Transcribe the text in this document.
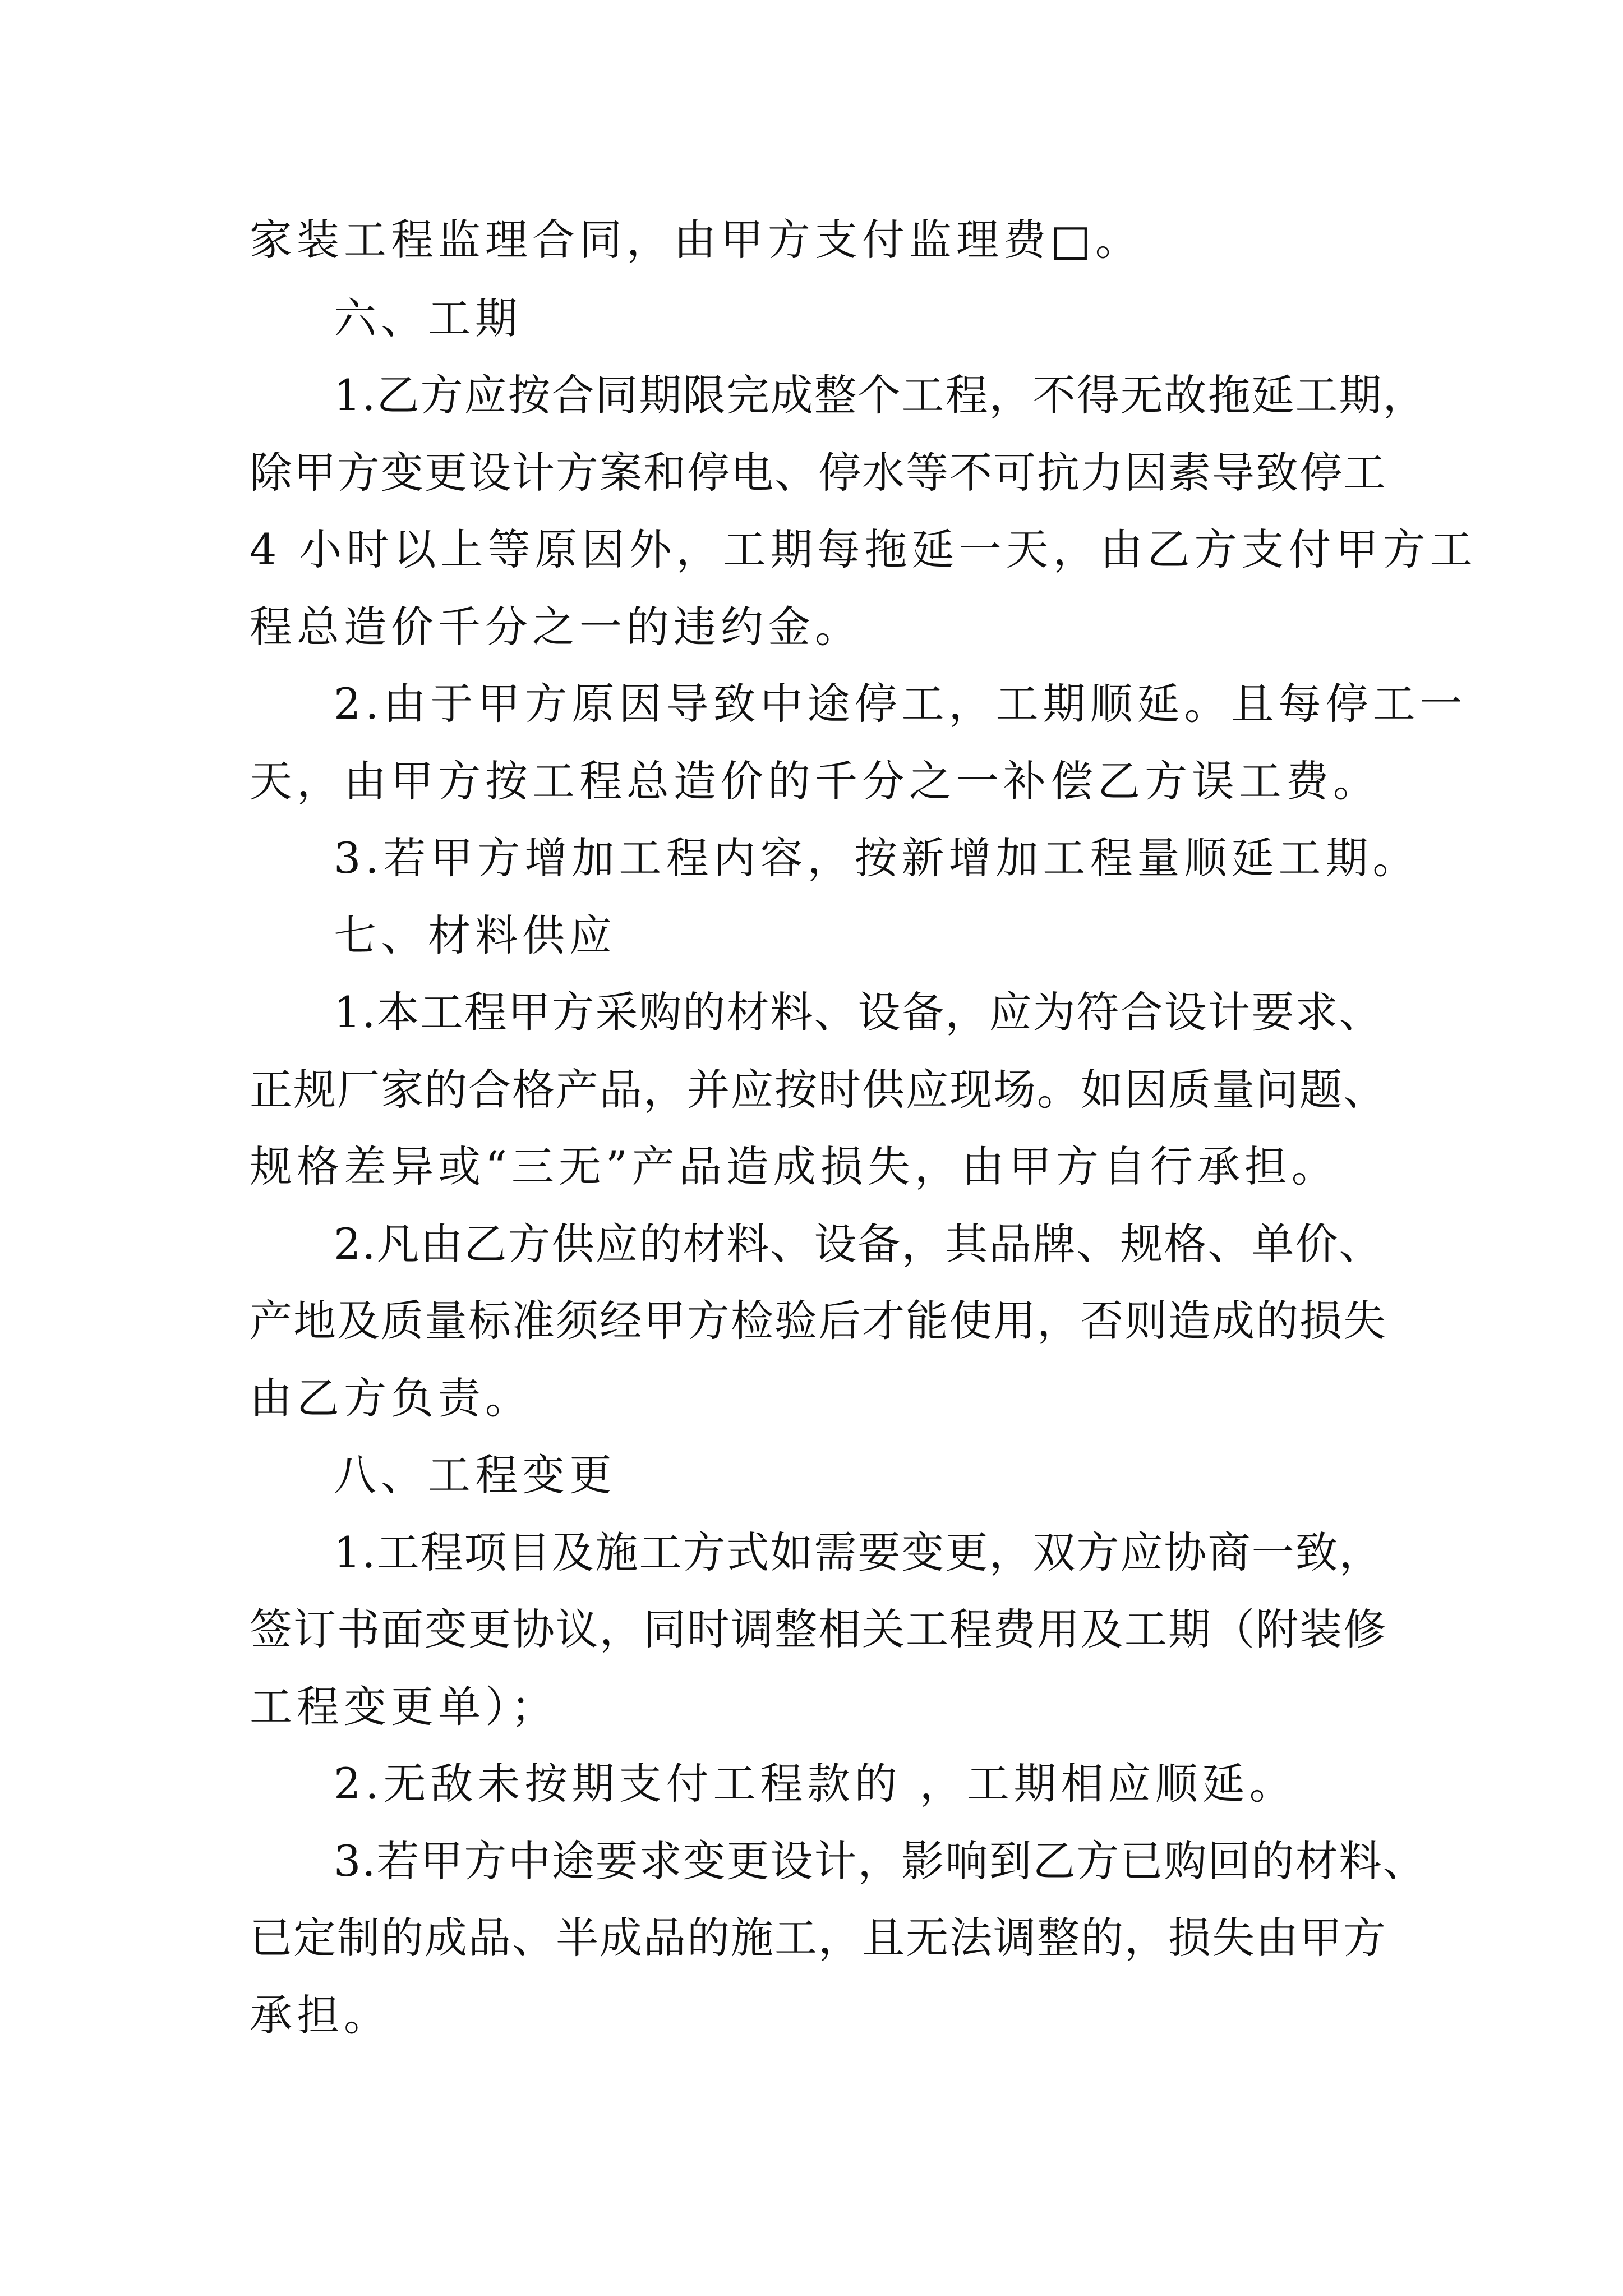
家装工程监理合同，由甲方支付监理费□。
六、工期
1.乙方应按合同期限完成整个工程，不得无故拖延工期，
除甲方变更设计方案和停电、停水等不可抗力因素导致停工
4 小时以上等原因外，工期每拖延一天，由乙方支付甲方工
程总造价千分之一的违约金。
2.由于甲方原因导致中途停工，工期顺延。且每停工一
天，由甲方按工程总造价的千分之一补偿乙方误工费。
3.若甲方增加工程内容，按新增加工程量顺延工期。
七、材料供应
1.本工程甲方采购的材料、设备，应为符合设计要求、
正规厂家的合格产品，并应按时供应现场。如因质量问题、
规格差异或“三无”产品造成损失，由甲方自行承担。
2.凡由乙方供应的材料、设备，其品牌、规格、单价、
产地及质量标准须经甲方检验后才能使用，否则造成的损失
由乙方负责。
八、工程变更
1.工程项目及施工方式如需要变更，双方应协商一致，
签订书面变更协议，同时调整相关工程费用及工期（附装修
工程变更单）；
2.无敌未按期支付工程款的 ，工期相应顺延。
3.若甲方中途要求变更设计，影响到乙方已购回的材料、
已定制的成品、半成品的施工，且无法调整的，损失由甲方
承担。
